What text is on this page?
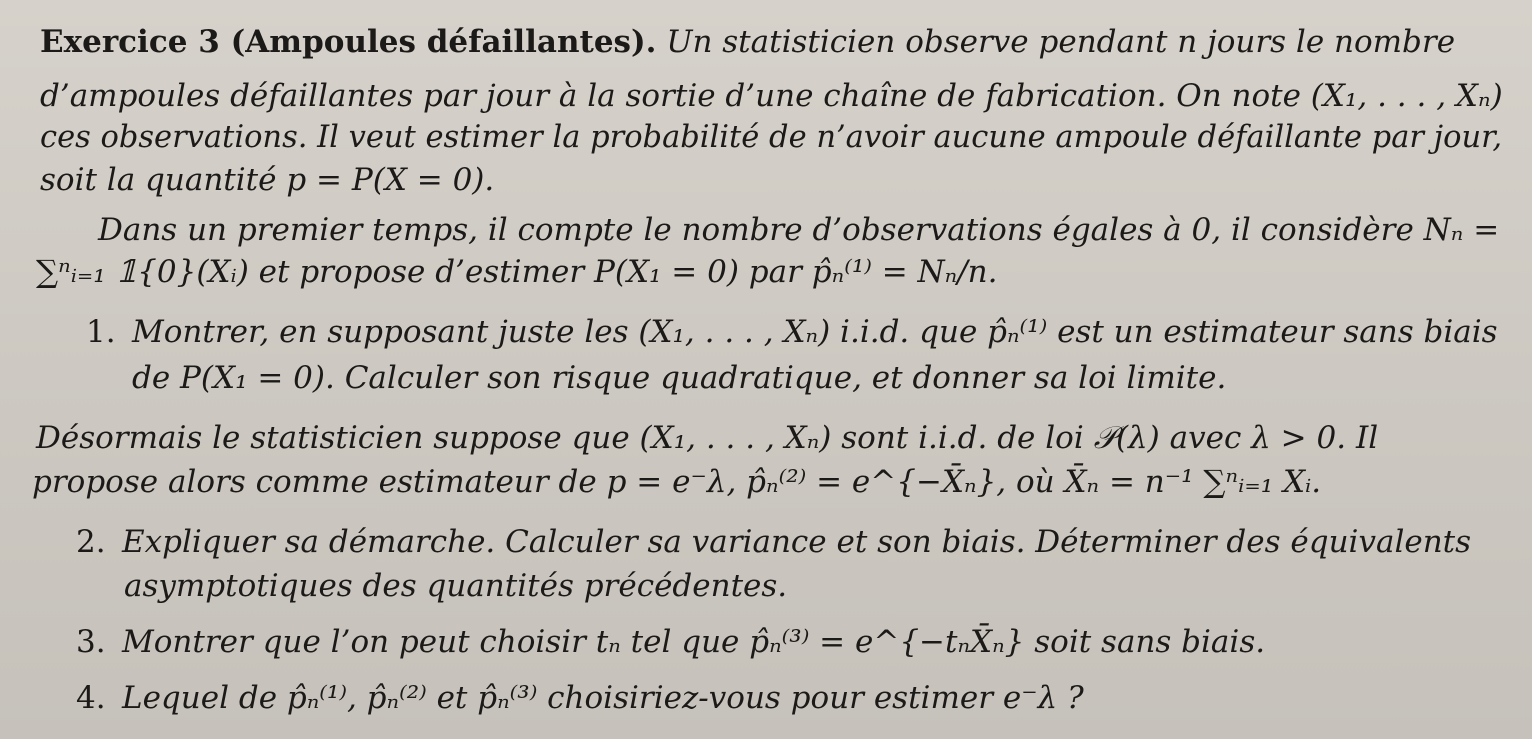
Exercice 3 (Ampoules défaillantes). Un statisticien observe pendant n jours le nombre
d’ampoules défaillantes par jour à la sortie d’une chaîne de fabrication. On note (X₁, . . . , Xₙ)
ces observations. Il veut estimer la probabilité de n’avoir aucune ampoule défaillante par jour,
soit la quantité p = P(X = 0).
Dans un premier temps, il compte le nombre d’observations égales à 0, il considère Nₙ =
∑ⁿᵢ₌₁ 𝟙{0}(Xᵢ) et propose d’estimer P(X₁ = 0) par p̂ₙ⁽¹⁾ = Nₙ/n.
1. Montrer, en supposant juste les (X₁, . . . , Xₙ) i.i.d. que p̂ₙ⁽¹⁾ est un estimateur sans biais
de P(X₁ = 0). Calculer son risque quadratique, et donner sa loi limite.
Désormais le statisticien suppose que (X₁, . . . , Xₙ) sont i.i.d. de loi 𝒫(λ) avec λ > 0. Il
propose alors comme estimateur de p = e⁻λ, p̂ₙ⁽²⁾ = e^{−X̄ₙ}, où X̄ₙ = n⁻¹ ∑ⁿᵢ₌₁ Xᵢ.
2. Expliquer sa démarche. Calculer sa variance et son biais. Déterminer des équivalents
asymptotiques des quantités précédentes.
3. Montrer que l’on peut choisir tₙ tel que p̂ₙ⁽³⁾ = e^{−tₙX̄ₙ} soit sans biais.
4. Lequel de p̂ₙ⁽¹⁾, p̂ₙ⁽²⁾ et p̂ₙ⁽³⁾ choisiriez-vous pour estimer e⁻λ ?
